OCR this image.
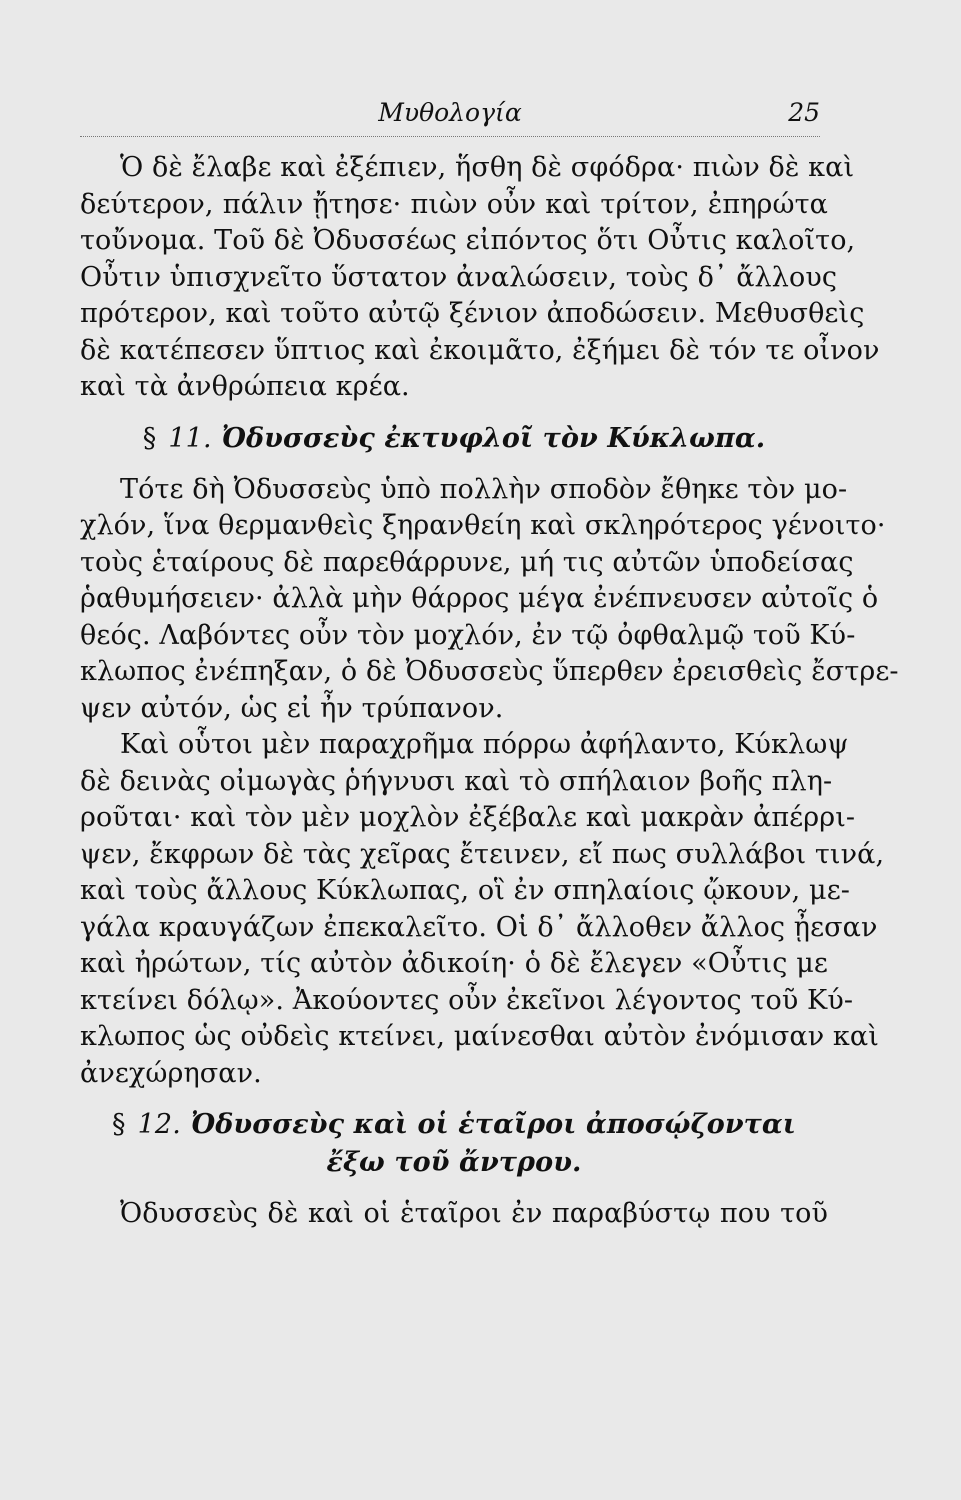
Μυθολογία	25
Ὁ δὲ ἔλαβε καὶ ἐξέπιεν, ἥσθη δὲ σφόδρα· πιὼν δὲ καὶ
δεύτερον, πάλιν ᾔτησε· πιὼν οὖν καὶ τρίτον, ἐπηρώτα
τοὔνομα. Τοῦ δὲ Ὀδυσσέως εἰπόντος ὅτι Οὖτις καλοῖτο,
Οὖτιν ὑπισχνεῖτο ὕστατον ἀναλώσειν, τοὺς δ᾽ ἄλλους
πρότερον, καὶ τοῦτο αὐτῷ ξένιον ἀποδώσειν. Μεθυσθεὶς
δὲ κατέπεσεν ὕπτιος καὶ ἐκοιμᾶτο, ἐξήμει δὲ τόν τε οἶνον
καὶ τὰ ἀνθρώπεια κρέα.
§ 11. Ὀδυσσεὺς ἐκτυφλοῖ τὸν Κύκλωπα.
Τότε δὴ Ὀδυσσεὺς ὑπὸ πολλὴν σποδὸν ἔθηκε τὸν μο-
χλόν, ἵνα θερμανθεὶς ξηρανθείη καὶ σκληρότερος γένοιτο·
τοὺς ἑταίρους δὲ παρεθάρρυνε, μή τις αὐτῶν ὑποδείσας
ῥαθυμήσειεν· ἀλλὰ μὴν θάρρος μέγα ἐνέπνευσεν αὐτοῖς ὁ
θεός. Λαβόντες οὖν τὸν μοχλόν, ἐν τῷ ὀφθαλμῷ τοῦ Κύ-
κλωπος ἐνέπηξαν, ὁ δὲ Ὀδυσσεὺς ὕπερθεν ἐρεισθεὶς ἔστρε-
ψεν αὐτόν, ὡς εἰ ἦν τρύπανον.
Καὶ οὗτοι μὲν παραχρῆμα πόρρω ἀφήλαντο, Κύκλωψ
δὲ δεινὰς οἰμωγὰς ῥήγνυσι καὶ τὸ σπήλαιον βοῆς πλη-
ροῦται· καὶ τὸν μὲν μοχλὸν ἐξέβαλε καὶ μακρὰν ἀπέρρι-
ψεν, ἔκφρων δὲ τὰς χεῖρας ἔτεινεν, εἴ πως συλλάβοι τινά,
καὶ τοὺς ἄλλους Κύκλωπας, οἳ ἐν σπηλαίοις ᾤκουν, με-
γάλα κραυγάζων ἐπεκαλεῖτο. Οἱ δ᾽ ἄλλοθεν ἄλλος ᾖεσαν
καὶ ἠρώτων, τίς αὐτὸν ἀδικοίη· ὁ δὲ ἔλεγεν «Οὖτις με
κτείνει δόλῳ». Ἀκούοντες οὖν ἐκεῖνοι λέγοντος τοῦ Κύ-
κλωπος ὡς οὐδεὶς κτείνει, μαίνεσθαι αὐτὸν ἐνόμισαν καὶ
ἀνεχώρησαν.
§ 12. Ὀδυσσεὺς καὶ οἱ ἑταῖροι ἀποσῴζονται
ἔξω τοῦ ἄντρου.
Ὀδυσσεὺς δὲ καὶ οἱ ἑταῖροι ἐν παραβύστῳ που τοῦ
